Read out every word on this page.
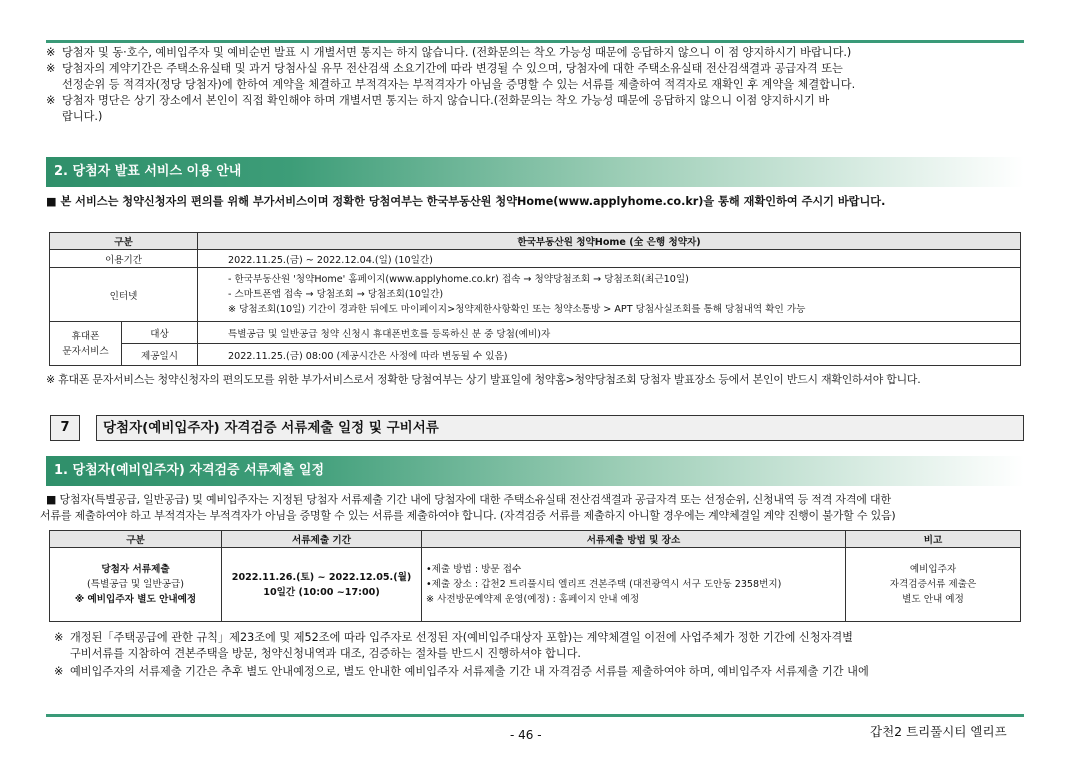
※ 당첨자 및 동·호수, 예비입주자 및 예비순번 발표 시 개별서면 통지는 하지 않습니다. (전화문의는 착오 가능성 때문에 응답하지 않으니 이 점 양지하시기 바랍니다.)
※ 당첨자의 계약기간은 주택소유실태 및 과거 당첨사실 유무 전산검색 소요기간에 따라 변경될 수 있으며, 당첨자에 대한 주택소유실태 전산검색결과 공급자격 또는
선정순위 등 적격자(정당 당첨자)에 한하여 계약을 체결하고 부적격자는 부적격자가 아님을 증명할 수 있는 서류를 제출하여 적격자로 재확인 후 계약을 체결합니다.
※ 당첨자 명단은 상기 장소에서 본인이 직접 확인해야 하며 개별서면 통지는 하지 않습니다.(전화문의는 착오 가능성 때문에 응답하지 않으니 이점 양지하시기 바
랍니다.)
2. 당첨자 발표 서비스 이용 안내
■ 본 서비스는 청약신청자의 편의를 위해 부가서비스이며 정확한 당첨여부는 한국부동산원 청약Home(www.applyhome.co.kr)을 통해 재확인하여 주시기 바랍니다.
구분		한국부동산원 청약Home (全 은행 청약자)
이용기간		2022.11.25.(금) ~ 2022.12.04.(일) (10일간)
인터넷		- 한국부동산원 '청약Home' 홈페이지(www.applyhome.co.kr) 접속 → 청약당첨조회 → 당첨조회(최근10일)
- 스마트폰앱 접속 → 당첨조회 → 당첨조회(10일간)
※ 당첨조회(10일) 기간이 경과한 뒤에도 마이페이지>청약제한사항확인 또는 청약소통방 > APT 당첨사실조회를 통해 당첨내역 확인 가능

휴대폰
문자서비스	대상	특별공급 및 일반공급 청약 신청시 휴대폰번호를 등록하신 분 중 당첨(예비)자
	제공일시	2022.11.25.(금) 08:00 (제공시간은 사정에 따라 변동될 수 있음)
※ 휴대폰 문자서비스는 청약신청자의 편의도모를 위한 부가서비스로서 정확한 당첨여부는 상기 발표일에 청약홈>청약당첨조회 당첨자 발표장소 등에서 본인이 반드시 재확인하셔야 합니다.
7	당첨자(예비입주자) 자격검증 서류제출 일정 및 구비서류
1. 당첨자(예비입주자) 자격검증 서류제출 일정
■ 당첨자(특별공급, 일반공급) 및 예비입주자는 지정된 당첨자 서류제출 기간 내에 당첨자에 대한 주택소유실태 전산검색결과 공급자격 또는 선정순위, 신청내역 등 적격 자격에 대한
서류를 제출하여야 하고 부적격자는 부적격자가 아님을 증명할 수 있는 서류를 제출하여야 합니다. (자격검증 서류를 제출하지 아니할 경우에는 계약체결일 계약 진행이 불가할 수 있음)
구분	서류제출 기간	서류제출 방법 및 장소	비고

당첨자 서류제출
(특별공급 및 일반공급)
※ 예비입주자 별도 안내예정	2022.11.26.(토) ~ 2022.12.05.(월)
10일간 (10:00 ~17:00)	•제출 방법 : 방문 접수
•제출 장소 : 갑천2 트리풀시티 엘리프 견본주택 (대전광역시 서구 도안동 2358번지)
※ 사전방문예약제 운영(예정) : 홈페이지 안내 예정	예비입주자
자격검증서류 제출은
별도 안내 예정
※ 개정된「주택공급에 관한 규칙」제23조에 및 제52조에 따라 입주자로 선정된 자(예비입주대상자 포함)는 계약체결일 이전에 사업주체가 정한 기간에 신청자격별
구비서류를 지참하여 견본주택을 방문, 청약신청내역과 대조, 검증하는 절차를 반드시 진행하셔야 합니다.
※ 예비입주자의 서류제출 기간은 추후 별도 안내예정으로, 별도 안내한 예비입주자 서류제출 기간 내 자격검증 서류를 제출하여야 하며, 예비입주자 서류제출 기간 내에
- 46 -	갑천2 트리풀시티 엘리프
